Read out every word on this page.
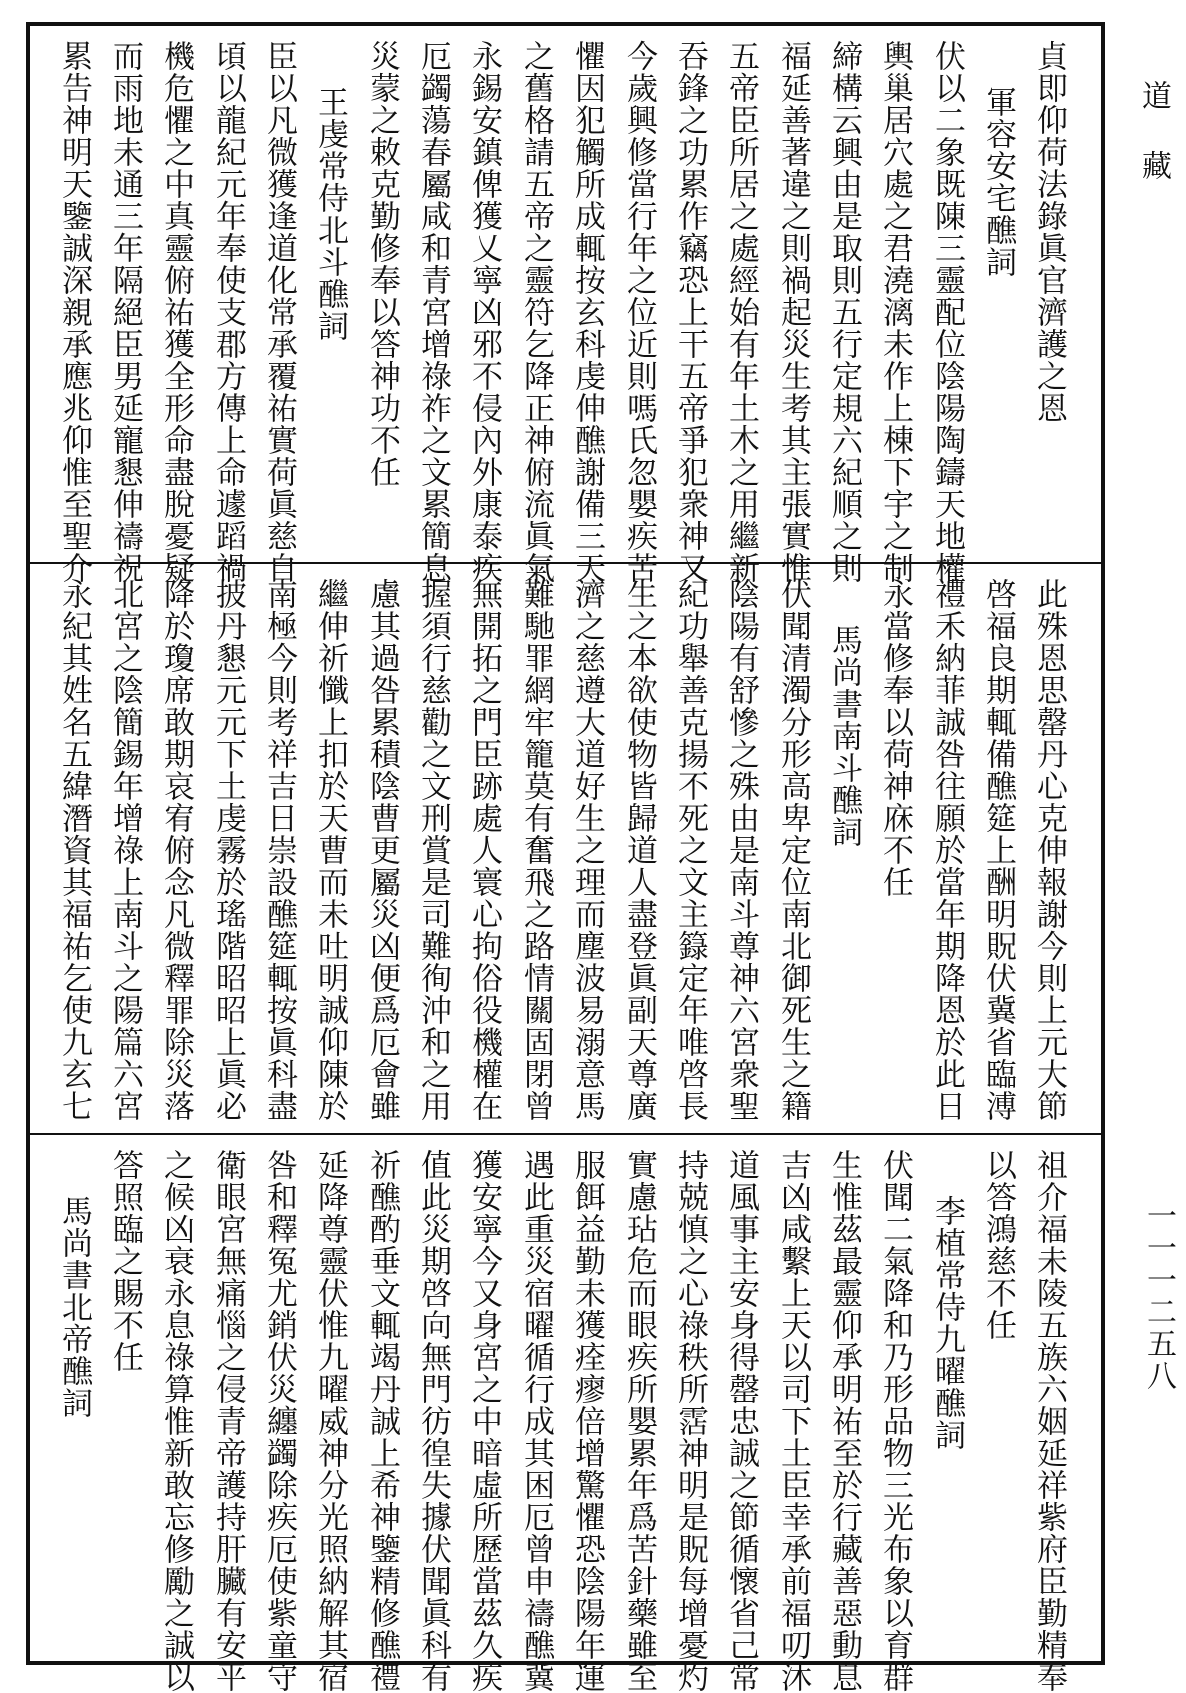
貞即仰荷法錄眞官濟護之恩
軍容安宅醮詞
伏以二象既陳三靈配位陰陽陶鑄天地權
輿巢居穴處之君澆漓未作上棟下宇之制
締構云興由是取則五行定規六紀順之則
福延善著違之則禍起災生考其主張實惟
五帝臣所居之處經始有年土木之用繼新
吞鋒之功累作竊恐上干五帝爭犯衆神又
今歲興修當行年之位近則嗎氏忽嬰疾苦
懼因犯觸所成輒按玄科虔伸醮謝備三天
之舊格請五帝之靈符乞降正神俯流眞氣
永錫安鎮俾獲乂寧凶邪不侵內外康泰疾
厄蠲蕩春屬咸和青宮增祿祚之文累簡息
災蒙之敕克勤修奉以答神功不任
王虔常侍北斗醮詞
臣以凡微獲逢道化常承覆祐實荷眞慈自
頃以龍紀元年奉使支郡方傳上命遽蹈禍
機危懼之中真靈俯祐獲全形命盡脫憂疑
而雨地未通三年隔絕臣男延寵懇伸禱祝
累告神明天鑒誠深親承應兆仰惟至聖介
此殊恩思罄丹心克伸報謝今則上元大節
啓福良期輒備醮筵上酬明貺伏冀省臨溥
禮禾納菲誠咎往願於當年期降恩於此日
永當修奉以荷神庥不任
馬尚書南斗醮詞
伏聞清濁分形高卑定位南北御死生之籍
陰陽有舒慘之殊由是南斗尊神六宮衆聖
紀功舉善克揚不死之文主籙定年唯啓長
生之本欲使物皆歸道人盡登眞副天尊廣
濟之慈遵大道好生之理而塵波易溺意馬
難馳罪網牢籠莫有奮飛之路情關固閉曾
無開拓之門臣跡處人寰心拘俗役機權在
握須行慈勸之文刑賞是司難徇沖和之用
慮其過咎累積陰曹更屬災凶便爲厄會雖
繼伸祈懺上扣於天曹而未吐明誠仰陳於
南極今則考祥吉日崇設醮筵輒按眞科盡
披丹懇元元下土虔霧於瑤階昭昭上眞必
降於瓊席敢期哀宥俯念凡微釋罪除災落
北宮之陰簡錫年增祿上南斗之陽篇六宮
永紀其姓名五緯潛資其福祐乞使九玄七
祖介福未陵五族六姻延祥紫府臣勤精奉
以答鴻慈不任
李植常侍九曜醮詞
伏聞二氣降和乃形品物三光布象以育群
生惟茲最靈仰承明祐至於行藏善惡動息
吉凶咸繫上天以司下土臣幸承前福叨沐
道風事主安身得罄忠誠之節循懷省己常
持兢慎之心祿秩所霑神明是貺每增憂灼
實慮玷危而眼疾所嬰累年爲苦針藥雖至
服餌益勤未獲痊瘳倍增驚懼恐陰陽年運
遇此重災宿曜循行成其困厄曾申禱醮冀
獲安寧今又身宮之中暗虛所歷當茲久疾
值此災期啓向無門彷徨失據伏聞眞科有
祈醮酌垂文輒竭丹誠上希神鑒精修醮禮
延降尊靈伏惟九曜威神分光照納解其宿
咎和釋冤尤銷伏災纏蠲除疾厄使紫童守
衛眼宮無痛惱之侵青帝護持肝臟有安平
之候凶衰永息祿算惟新敢忘修勵之誠以
答照臨之賜不任
馬尚書北帝醮詞
道藏
一一一二五八
